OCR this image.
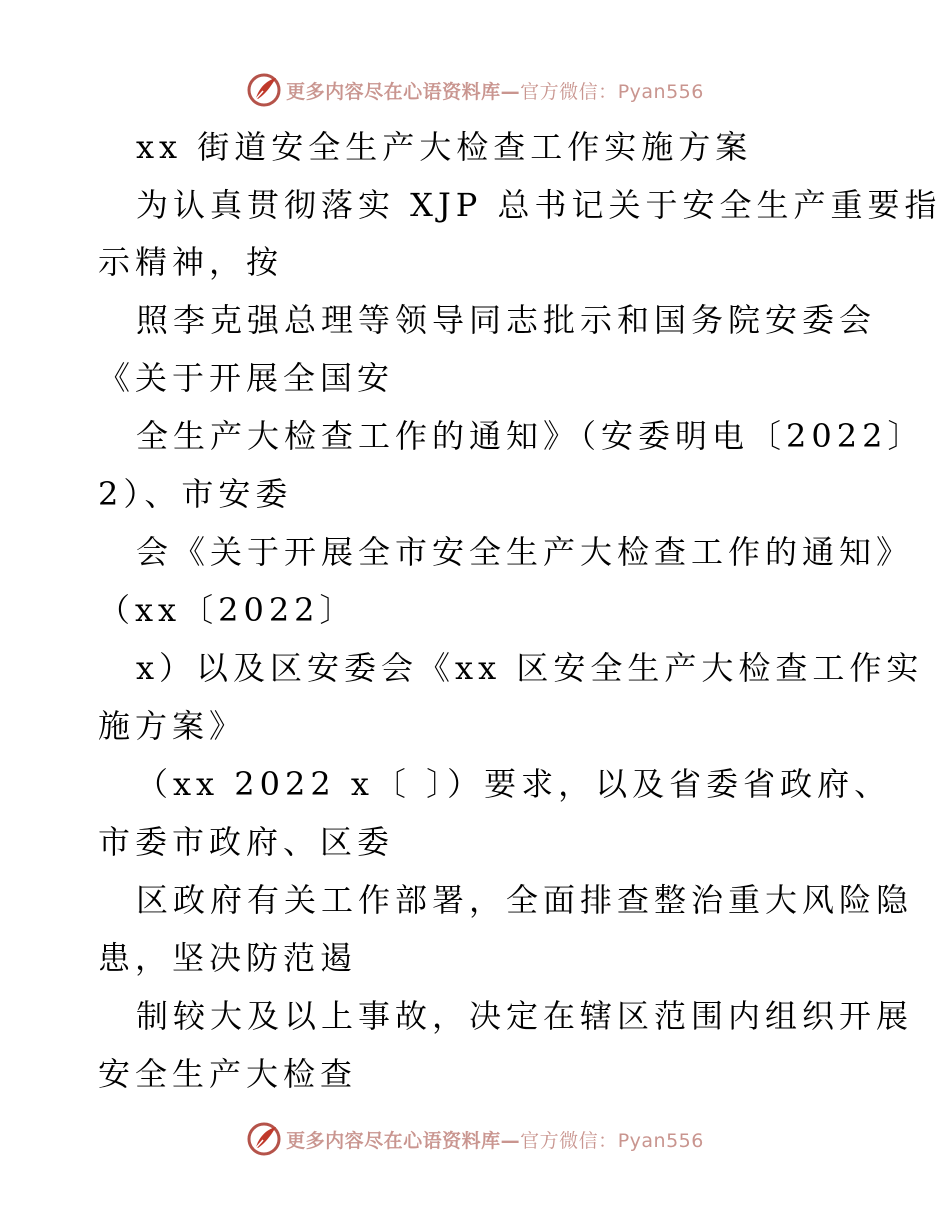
更多内容尽在心语资料库—官方微信：Pyan556
xx 街道安全生产大检查工作实施方案
为认真贯彻落实 XJP 总书记关于安全生产重要指
示精神，按
照李克强总理等领导同志批示和国务院安委会
《关于开展全国安
全生产大检查工作的通知》（安委明电〔2022〕
2）、市安委
会《关于开展全市安全生产大检查工作的通知》
（xx〔2022〕
x）以及区安委会《xx 区安全生产大检查工作实
施方案》
（xx 2022 x〔 〕）要求，以及省委省政府、
市委市政府、区委
区政府有关工作部署，全面排查整治重大风险隐
患，坚决防范遏
制较大及以上事故，决定在辖区范围内组织开展
安全生产大检查
更多内容尽在心语资料库—官方微信：Pyan556
